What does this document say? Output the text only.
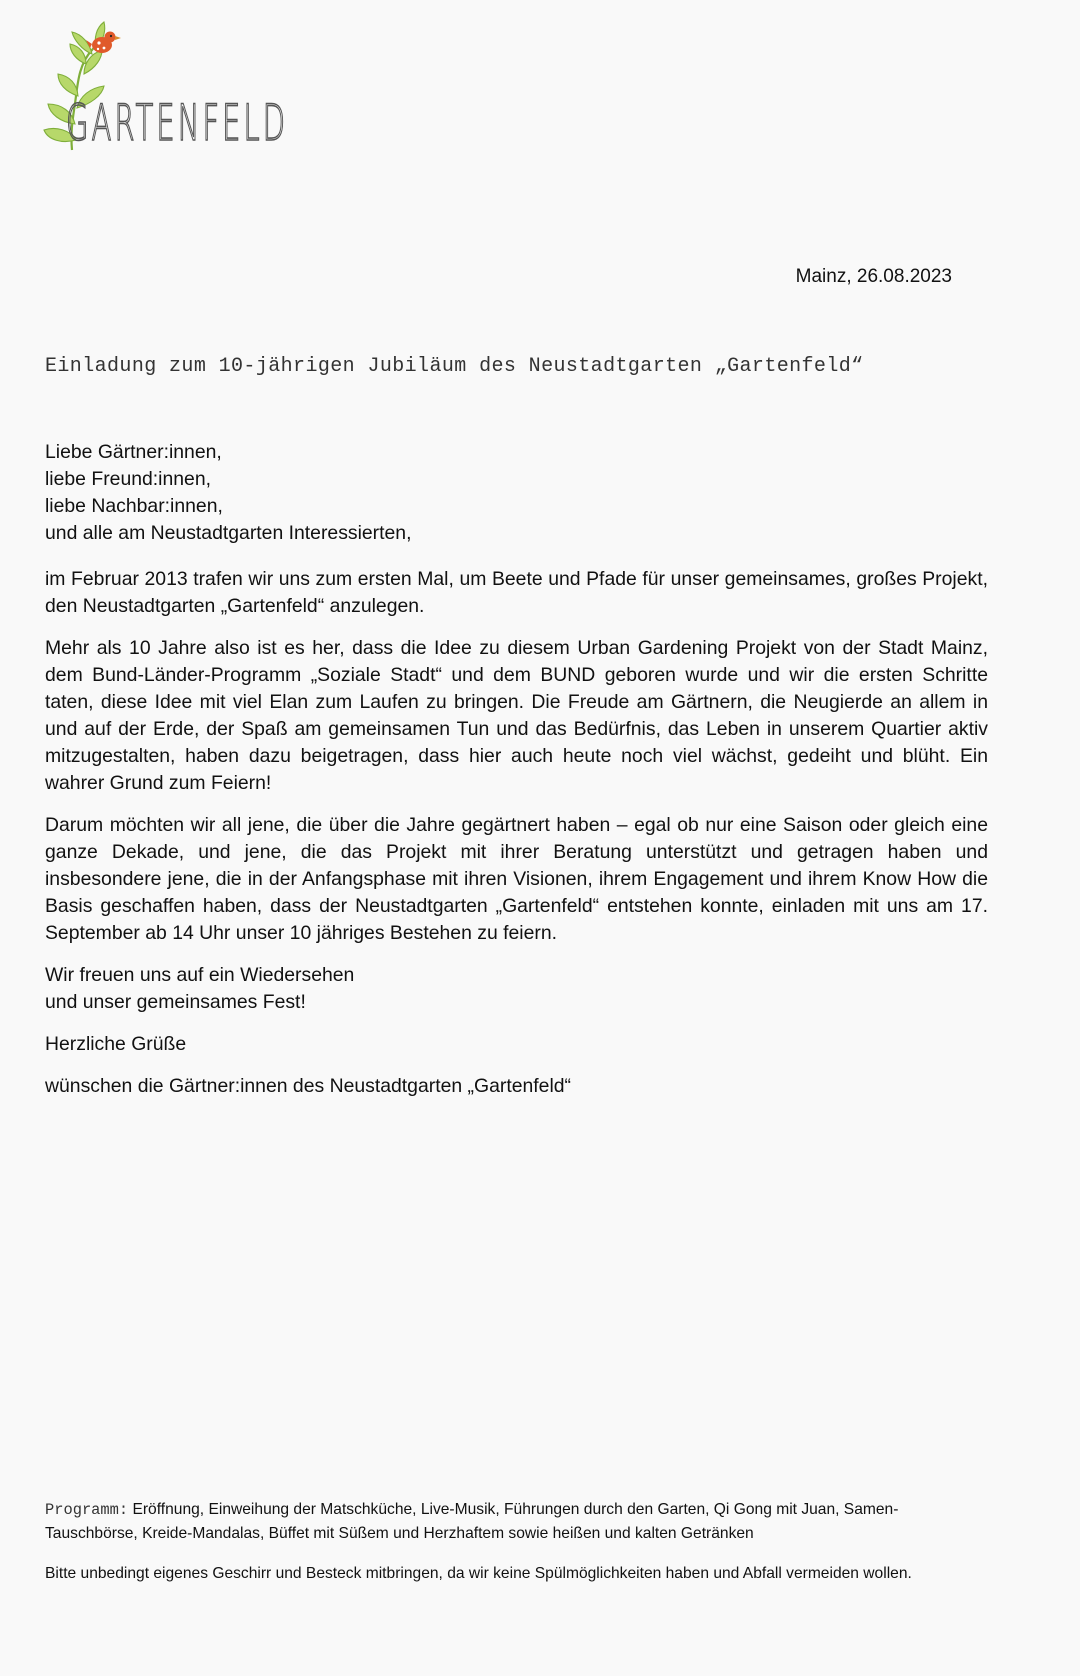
GARTENFELD
Mainz, 26.08.2023
Einladung zum 10-jährigen Jubiläum des Neustadtgarten „Gartenfeld“
Liebe Gärtner:innen,
liebe Freund:innen,
liebe Nachbar:innen,
und alle am Neustadtgarten Interessierten,

im Februar 2013 trafen wir uns zum ersten Mal, um Beete und Pfade für unser gemeinsames, großes Projekt, den Neustadtgarten „Gartenfeld“ anzulegen.

Mehr als 10 Jahre also ist es her, dass die Idee zu diesem Urban Gardening Projekt von der Stadt Mainz, dem Bund-Länder-Programm „Soziale Stadt“ und dem BUND geboren wurde und wir die ersten Schritte taten, diese Idee mit viel Elan zum Laufen zu bringen. Die Freude am Gärtnern, die Neugierde an allem in und auf der Erde, der Spaß am gemeinsamen Tun und das Bedürfnis, das Leben in unserem Quartier aktiv mitzugestalten, haben dazu beigetragen, dass hier auch heute noch viel wächst, gedeiht und blüht. Ein wahrer Grund zum Feiern!

Darum möchten wir all jene, die über die Jahre gegärtnert haben – egal ob nur eine Saison oder gleich eine ganze Dekade, und jene, die das Projekt mit ihrer Beratung unterstützt und getragen haben und insbesondere jene, die in der Anfangsphase mit ihren Visionen, ihrem Engagement und ihrem Know How die Basis geschaffen haben, dass der Neustadtgarten „Gartenfeld“ entstehen konnte, einladen mit uns am 17. September ab 14 Uhr unser 10 jähriges Bestehen zu feiern.

Wir freuen uns auf ein Wiedersehen
und unser gemeinsames Fest!

Herzliche Grüße

wünschen die Gärtner:innen des Neustadtgarten „Gartenfeld“

Programm: Eröffnung, Einweihung der Matschküche, Live-Musik, Führungen durch den Garten, Qi Gong mit Juan, Samen-Tauschbörse, Kreide-Mandalas, Büffet mit Süßem und Herzhaftem sowie heißen und kalten Getränken

Bitte unbedingt eigenes Geschirr und Besteck mitbringen, da wir keine Spülmöglichkeiten haben und Abfall vermeiden wollen.
